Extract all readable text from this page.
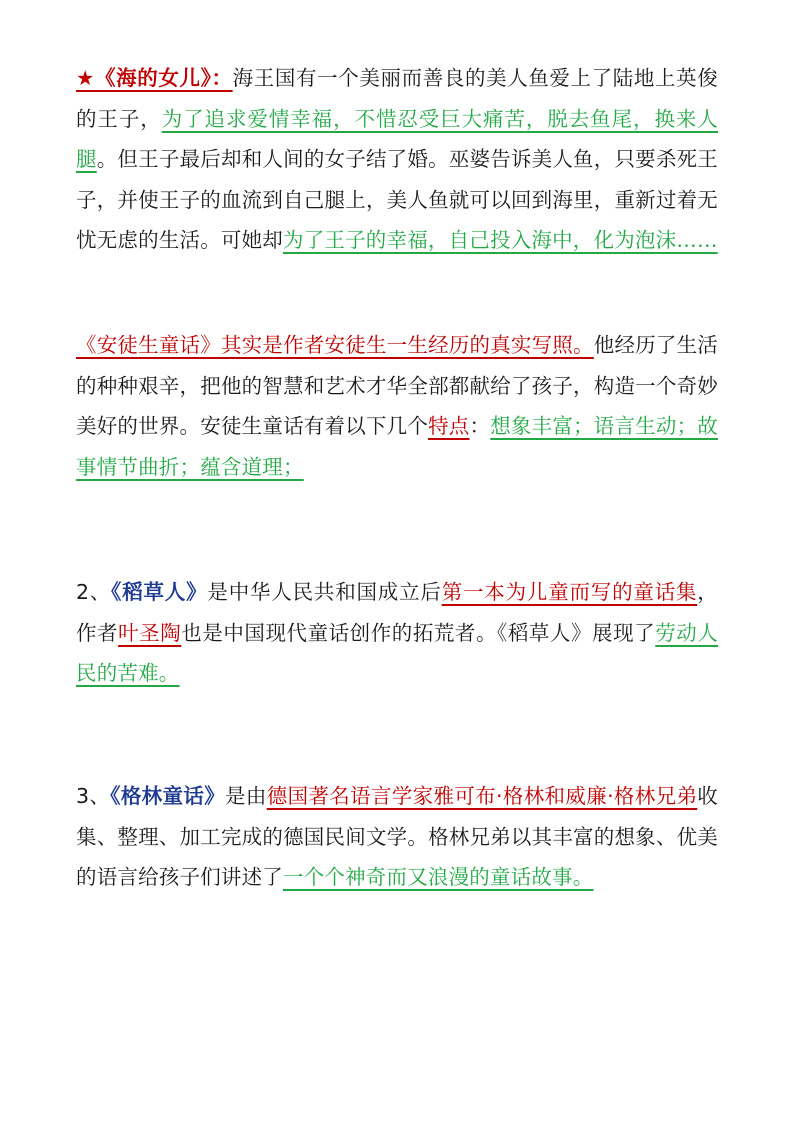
★《海的女儿》：海王国有一个美丽而善良的美人鱼爱上了陆地上英俊的王子，为了追求爱情幸福，不惜忍受巨大痛苦，脱去鱼尾，换来人腿。但王子最后却和人间的女子结了婚。巫婆告诉美人鱼，只要杀死王子，并使王子的血流到自己腿上，美人鱼就可以回到海里，重新过着无忧无虑的生活。可她却为了王子的幸福，自己投入海中，化为泡沫……

《安徒生童话》其实是作者安徒生一生经历的真实写照。他经历了生活的种种艰辛，把他的智慧和艺术才华全部都献给了孩子，构造一个奇妙美好的世界。安徒生童话有着以下几个特点：想象丰富；语言生动；故事情节曲折；蕴含道理；

2、《稻草人》是中华人民共和国成立后第一本为儿童而写的童话集，作者叶圣陶也是中国现代童话创作的拓荒者。《稻草人》展现了劳动人民的苦难。

3、《格林童话》是由德国著名语言学家雅可布·格林和威廉·格林兄弟收集、整理、加工完成的德国民间文学。格林兄弟以其丰富的想象、优美的语言给孩子们讲述了一个个神奇而又浪漫的童话故事。
